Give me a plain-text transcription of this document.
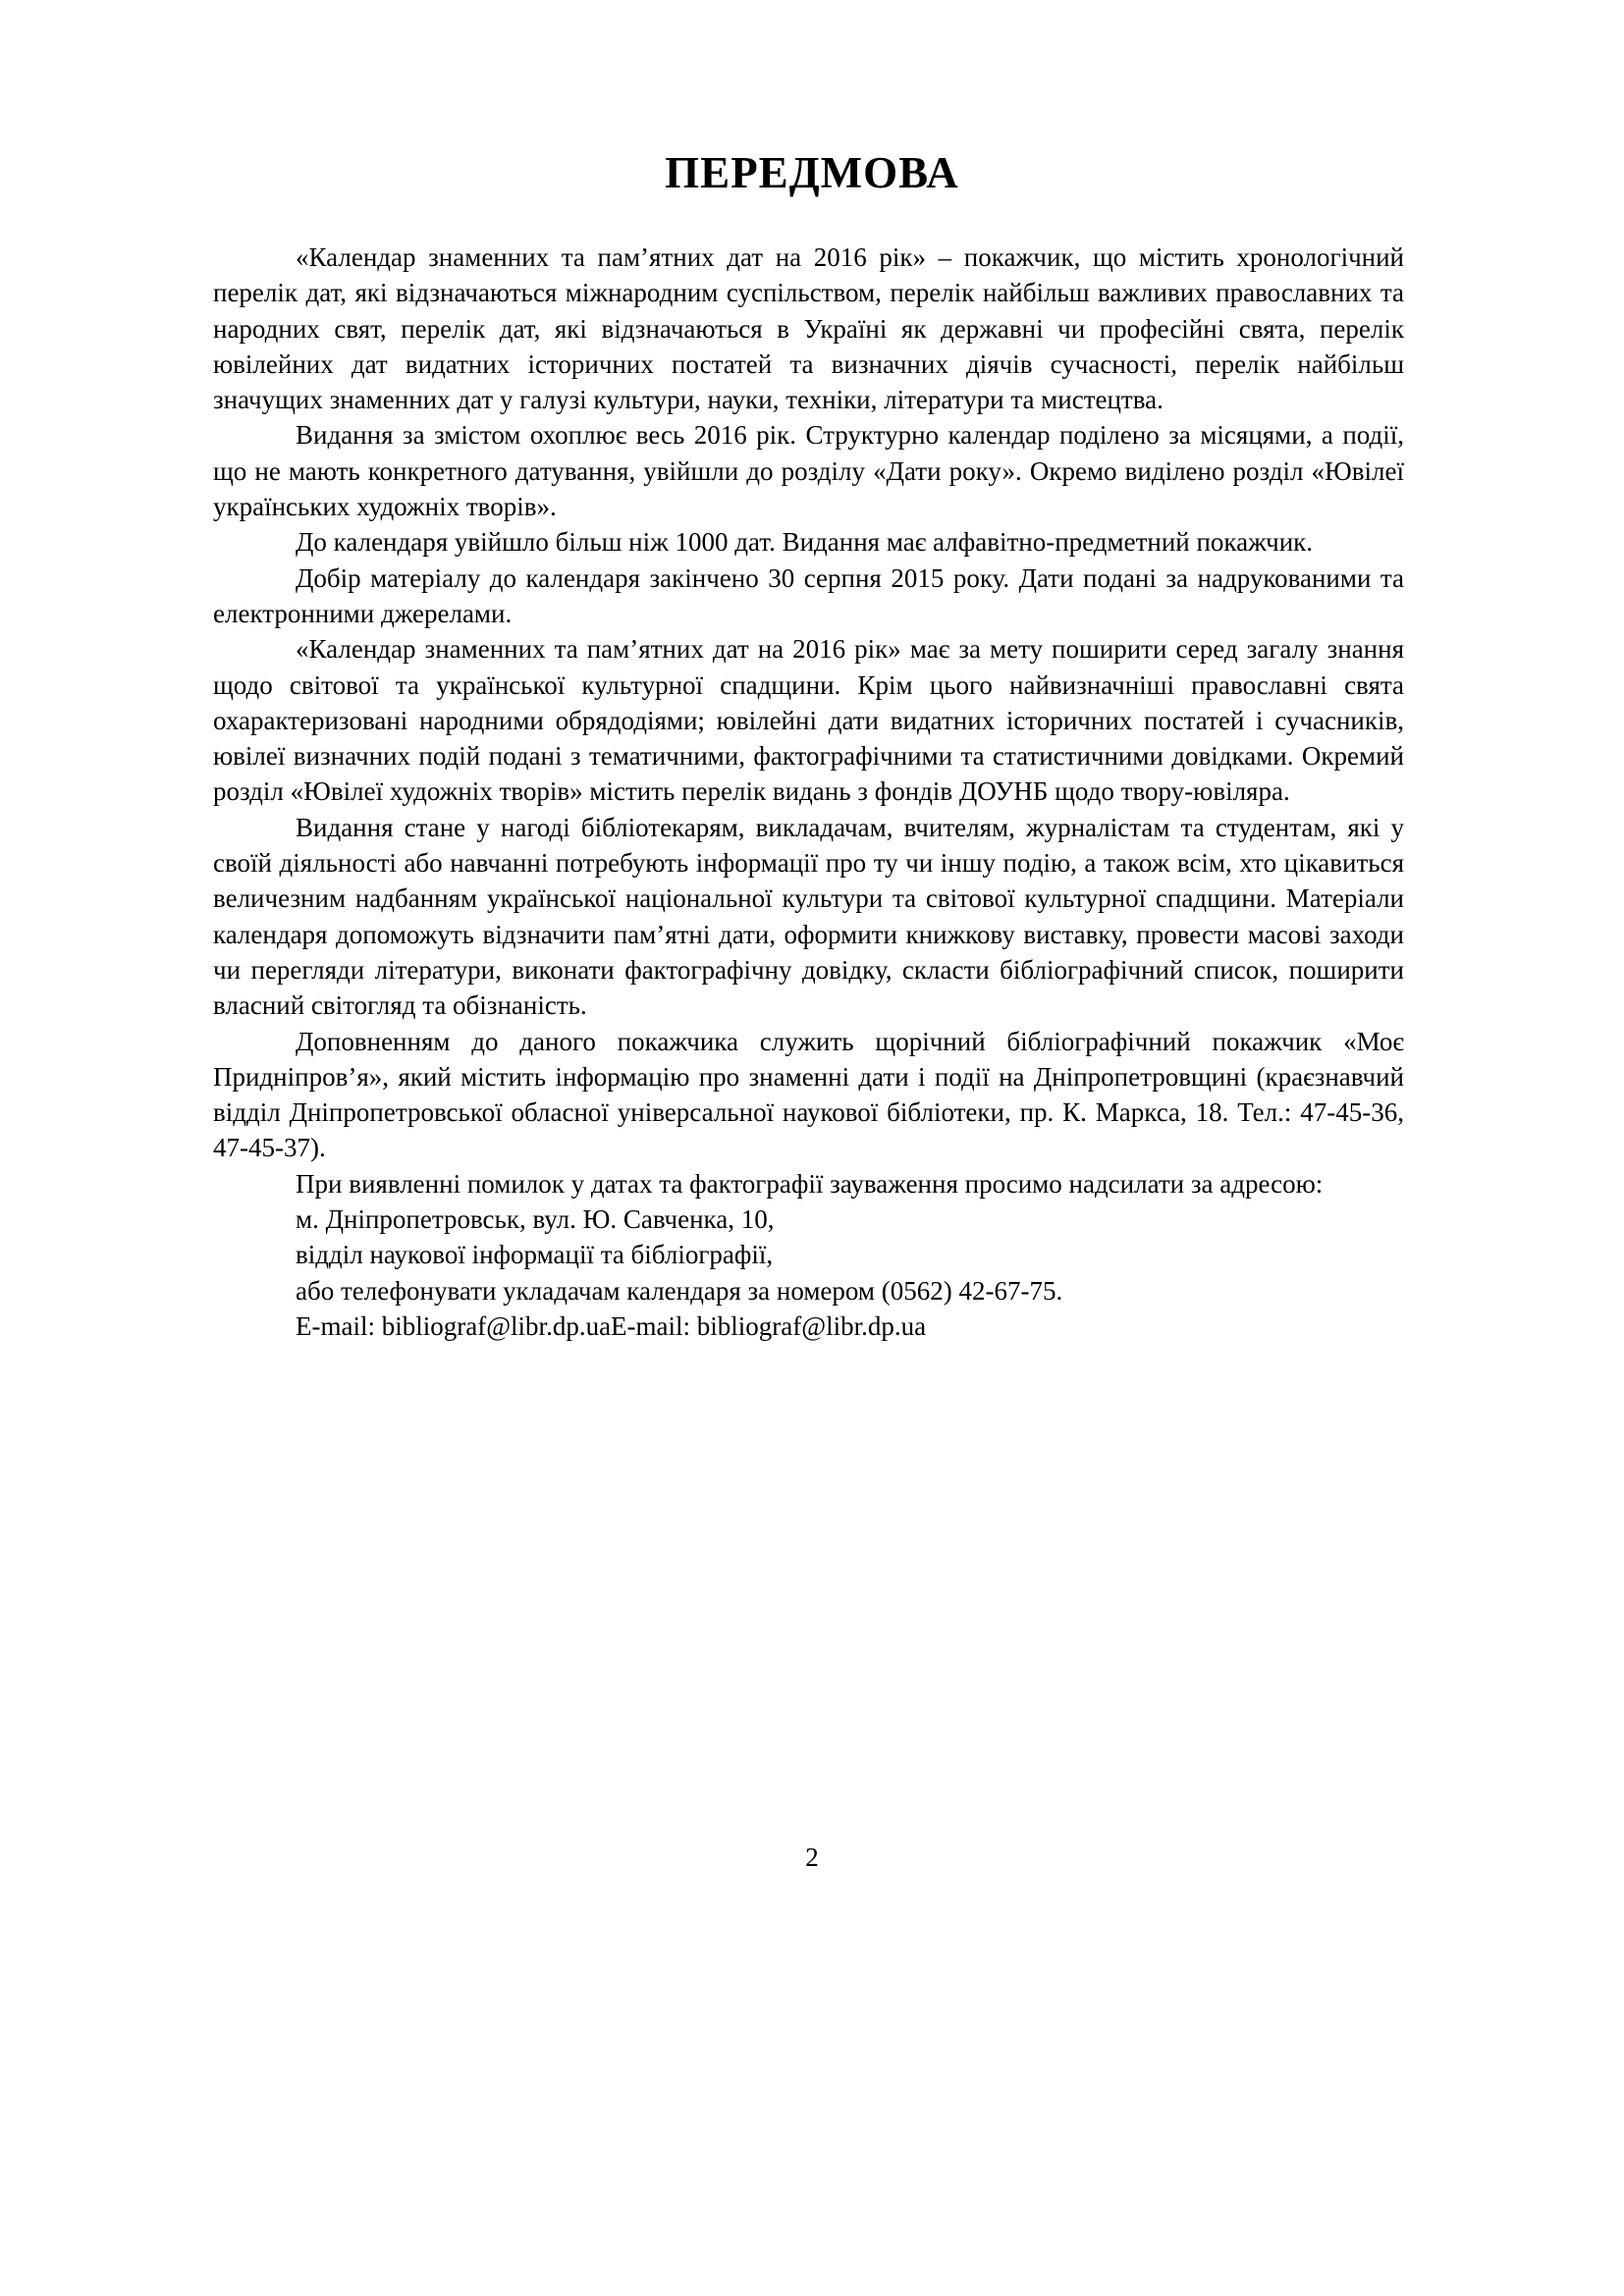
ПЕРЕДМОВА

«Календар знаменних та пам’ятних дат на 2016 рік» – покажчик, що містить хронологічний перелік дат, які відзначаються міжнародним суспільством, перелік найбільш важливих православних та народних свят, перелік дат, які відзначаються в Україні як державні чи професійні свята, перелік ювілейних дат видатних історичних постатей та визначних діячів сучасності, перелік найбільш значущих знаменних дат у галузі культури, науки, техніки, літератури та мистецтва.

Видання за змістом охоплює весь 2016 рік. Структурно календар поділено за місяцями, а події, що не мають конкретного датування, увійшли до розділу «Дати року». Окремо виділено розділ «Ювілеї українських художніх творів».

До календаря увійшло більш ніж 1000 дат. Видання має алфавітно-предметний покажчик.

Добір матеріалу до календаря закінчено 30 серпня 2015 року. Дати подані за надрукованими та електронними джерелами.

«Календар знаменних та пам’ятних дат на 2016 рік» має за мету поширити серед загалу знання щодо світової та української культурної спадщини. Крім цього найвизначніші православні свята охарактеризовані народними обрядодіями; ювілейні дати видатних історичних постатей і сучасників, ювілеї визначних подій подані з тематичними, фактографічними та статистичними довідками. Окремий розділ «Ювілеї художніх творів» містить перелік видань з фондів ДОУНБ щодо твору-ювіляра.

Видання стане у нагоді бібліотекарям, викладачам, вчителям, журналістам та студентам, які у своїй діяльності або навчанні потребують інформації про ту чи іншу подію, а також всім, хто цікавиться величезним надбанням української національної культури та світової культурної спадщини. Матеріали календаря допоможуть відзначити пам’ятні дати, оформити книжкову виставку, провести масові заходи чи перегляди літератури, виконати фактографічну довідку, скласти бібліографічний список, поширити власний світогляд та обізнаність.

Доповненням до даного покажчика служить щорічний бібліографічний покажчик «Моє Придніпров’я», який містить інформацію про знаменні дати і події на Дніпропетровщині (краєзнавчий відділ Дніпропетровської обласної універсальної наукової бібліотеки, пр. К. Маркса, 18. Тел.: 47-45-36, 47-45-37).

При виявленні помилок у датах та фактографії зауваження просимо надсилати за адресою:

м. Дніпропетровськ, вул. Ю. Савченка, 10,

відділ наукової інформації та бібліографії,

або телефонувати укладачам календаря за номером (0562) 42-67-75.

E-mail: bibliograf@libr.dp.uaE-mail: bibliograf@libr.dp.ua

2
